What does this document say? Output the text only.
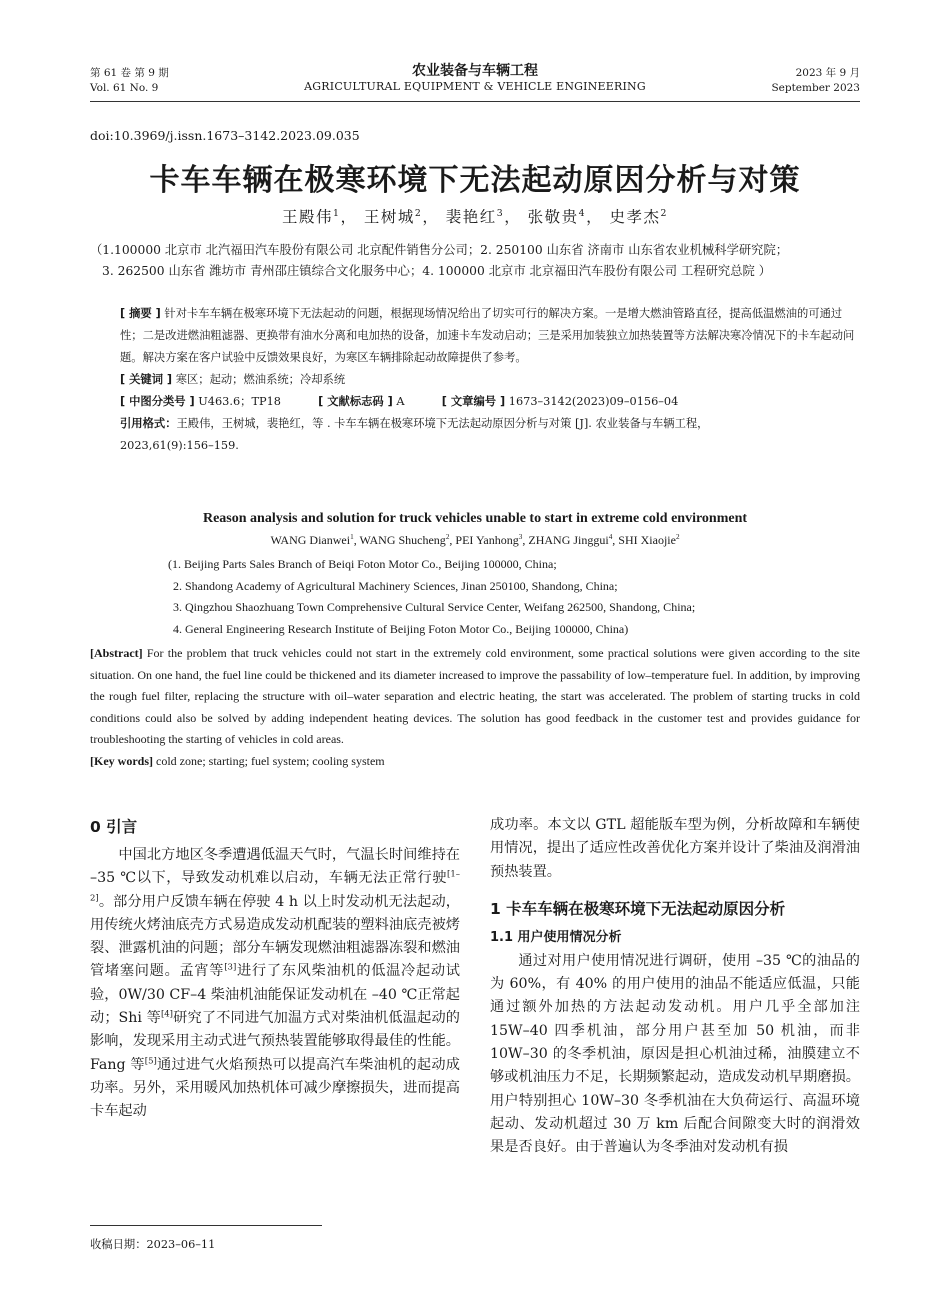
第 61 卷 第 9 期
Vol. 61 No. 9
农业装备与车辆工程
AGRICULTURAL EQUIPMENT & VEHICLE ENGINEERING
2023 年 9 月
September 2023
doi:10.3969/j.issn.1673–3142.2023.09.035
卡车车辆在极寒环境下无法起动原因分析与对策
王殿伟$^1$， 王树城$^2$， 裴艳红$^3$， 张敬贵$^4$， 史孝杰$^2$
（1.100000 北京市 北汽福田汽车股份有限公司 北京配件销售分公司；2. 250100 山东省 济南市 山东省农业机械科学研究院；
3. 262500 山东省 潍坊市 青州邵庄镇综合文化服务中心；4. 100000 北京市 北京福田汽车股份有限公司 工程研究总院 ）

[ 摘要 ] 针对卡车车辆在极寒环境下无法起动的问题，根据现场情况给出了切实可行的解决方案。一是增大燃油管路直径，提高低温燃油的可通过性；二是改进燃油粗滤器、更换带有油水分离和电加热的设备，加速卡车发动启动；三是采用加装独立加热装置等方法解决寒冷情况下的卡车起动问题。解决方案在客户试验中反馈效果良好，为寒区车辆排除起动故障提供了参考。

[ 关键词 ] 寒区；起动；燃油系统；冷却系统

[ 中图分类号 ] U463.6；TP18	[ 文献标志码 ] A	[ 文章编号 ] 1673–3142(2023)09–0156–04

引用格式：王殿伟，王树城，裴艳红，等 . 卡车车辆在极寒环境下无法起动原因分析与对策 [J]. 农业装备与车辆工程，
2023,61(9):156–159.

Reason analysis and solution for truck vehicles unable to start in extreme cold environment
WANG Dianwei$^1$, WANG Shucheng$^2$, PEI Yanhong$^3$, ZHANG Jinggui$^4$, SHI Xiaojie$^2$
(1. Beijing Parts Sales Branch of Beiqi Foton Motor Co., Beijing 100000, China;
2. Shandong Academy of Agricultural Machinery Sciences, Jinan 250100, Shandong, China;
3. Qingzhou Shaozhuang Town Comprehensive Cultural Service Center, Weifang 262500, Shandong, China;
4. General Engineering Research Institute of Beijing Foton Motor Co., Beijing 100000, China)

[Abstract] For the problem that truck vehicles could not start in the extremely cold environment, some practical solutions were given according to the site situation. On one hand, the fuel line could be thickened and its diameter increased to improve the passability of low–temperature fuel. In addition, by improving the rough fuel filter, replacing the structure with oil–water separation and electric heating, the start was accelerated. The problem of starting trucks in cold conditions could also be solved by adding independent heating devices. The solution has good feedback in the customer test and provides guidance for troubleshooting the starting of vehicles in cold areas.

[Key words] cold zone; starting; fuel system; cooling system

0 引言

中国北方地区冬季遭遇低温天气时，气温长时间维持在 –35 ℃以下，导致发动机难以启动，车辆无法正常行驶[1–2]。部分用户反馈车辆在停驶 4 h 以上时发动机无法起动，用传统火烤油底壳方式易造成发动机配装的塑料油底壳被烤裂、泄露机油的问题；部分车辆发现燃油粗滤器冻裂和燃油管堵塞问题。孟宵等[3]进行了东风柴油机的低温冷起动试验，0W/30 CF–4 柴油机油能保证发动机在 –40 ℃正常起动；Shi 等[4]研究了不同进气加温方式对柴油机低温起动的影响，发现采用主动式进气预热装置能够取得最佳的性能。Fang 等[5]通过进气火焰预热可以提高汽车柴油机的起动成功率。另外，采用暖风加热机体可减少摩擦损失，进而提高卡车起动

成功率。本文以 GTL 超能版车型为例，分析故障和车辆使用情况，提出了适应性改善优化方案并设计了柴油及润滑油预热装置。

1 卡车车辆在极寒环境下无法起动原因分析
1.1 用户使用情况分析

通过对用户使用情况进行调研，使用 –35 ℃的油品的为 60%，有 40% 的用户使用的油品不能适应低温，只能通过额外加热的方法起动发动机。用户几乎全部加注 15W–40 四季机油，部分用户甚至加 50 机油，而非 10W–30 的冬季机油，原因是担心机油过稀，油膜建立不够或机油压力不足，长期频繁起动，造成发动机早期磨损。用户特别担心 10W–30 冬季机油在大负荷运行、高温环境起动、发动机超过 30 万 km 后配合间隙变大时的润滑效果是否良好。由于普遍认为冬季油对发动机有损

收稿日期：2023–06–11
